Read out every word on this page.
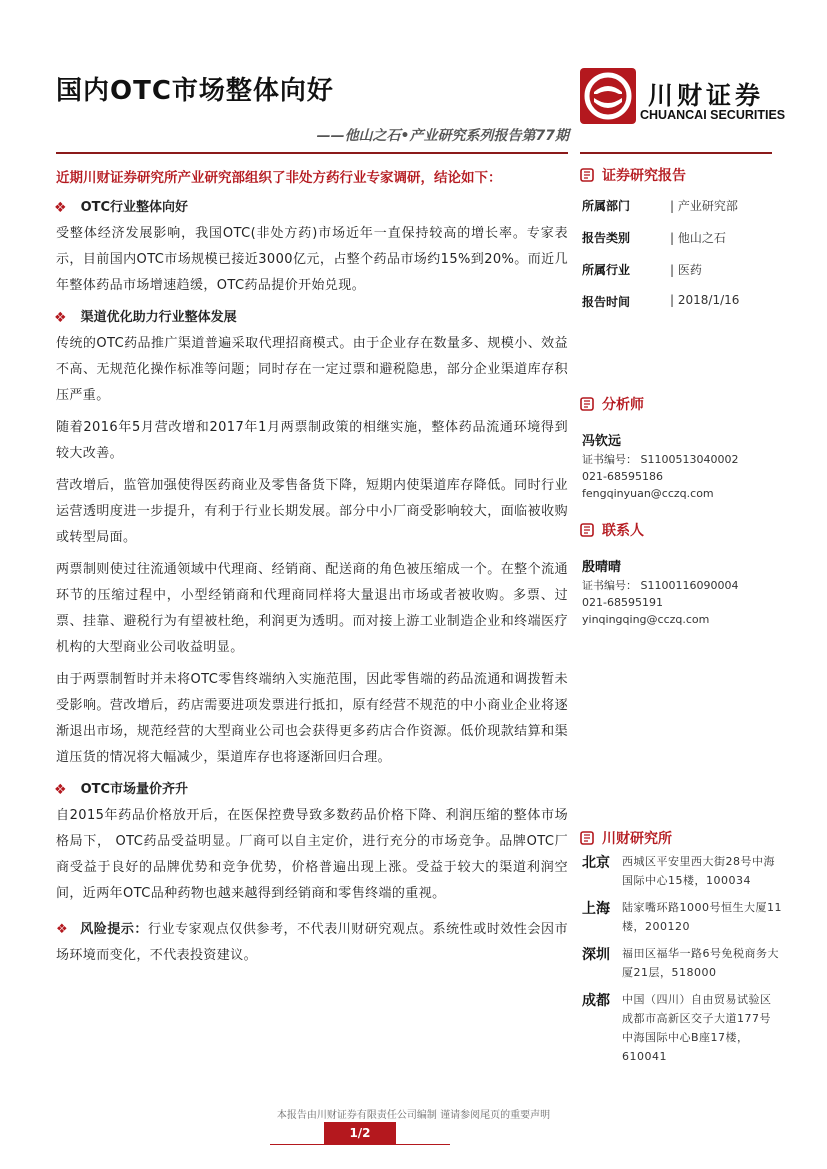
国内OTC市场整体向好
——他山之石•产业研究系列报告第77期
川财证券
CHUANCAI SECURITIES
近期川财证券研究所产业研究部组织了非处方药行业专家调研，结论如下：
❖ OTC行业整体向好

受整体经济发展影响，我国OTC(非处方药)市场近年一直保持较高的增长率。专家表示，目前国内OTC市场规模已接近3000亿元，占整个药品市场约15%到20%。而近几年整体药品市场增速趋缓，OTC药品提价开始兑现。

❖ 渠道优化助力行业整体发展

传统的OTC药品推广渠道普遍采取代理招商模式。由于企业存在数量多、规模小、效益不高、无规范化操作标准等问题；同时存在一定过票和避税隐患，部分企业渠道库存积压严重。

随着2016年5月营改增和2017年1月两票制政策的相继实施，整体药品流通环境得到较大改善。

营改增后，监管加强使得医药商业及零售备货下降，短期内使渠道库存降低。同时行业运营透明度进一步提升，有利于行业长期发展。部分中小厂商受影响较大，面临被收购或转型局面。

两票制则使过往流通领域中代理商、经销商、配送商的角色被压缩成一个。在整个流通环节的压缩过程中，小型经销商和代理商同样将大量退出市场或者被收购。多票、过票、挂靠、避税行为有望被杜绝，利润更为透明。而对接上游工业制造企业和终端医疗机构的大型商业公司收益明显。

由于两票制暂时并未将OTC零售终端纳入实施范围，因此零售端的药品流通和调拨暂未受影响。营改增后，药店需要进项发票进行抵扣，原有经营不规范的中小商业企业将逐渐退出市场，规范经营的大型商业公司也会获得更多药店合作资源。低价现款结算和渠道压货的情况将大幅减少，渠道库存也将逐渐回归合理。

❖ OTC市场量价齐升

自2015年药品价格放开后，在医保控费导致多数药品价格下降、利润压缩的整体市场格局下， OTC药品受益明显。厂商可以自主定价，进行充分的市场竞争。品牌OTC厂商受益于良好的品牌优势和竞争优势，价格普遍出现上涨。受益于较大的渠道利润空间，近两年OTC品种药物也越来越得到经销商和零售终端的重视。

❖ 风险提示：行业专家观点仅供参考，不代表川财研究观点。系统性或时效性会因市场环境而变化，不代表投资建议。
证券研究报告
所属部门	| 产业研究部
报告类别	| 他山之石
所属行业	| 医药
报告时间	| 2018/1/16
分析师
冯钦远
证书编号： S1100513040002
021-68595186
fengqinyuan@cczq.com
联系人
殷晴晴
证书编号： S1100116090004
021-68595191
yinqingqing@cczq.com
川财研究所
北京	西城区平安里西大街28号中海国际中心15楼，100034
上海	陆家嘴环路1000号恒生大厦11楼，200120
深圳	福田区福华一路6号免税商务大厦21层，518000
成都	中国（四川）自由贸易试验区成都市高新区交子大道177号中海国际中心B座17楼，610041
本报告由川财证券有限责任公司编制 谨请参阅尾页的重要声明
1/2
